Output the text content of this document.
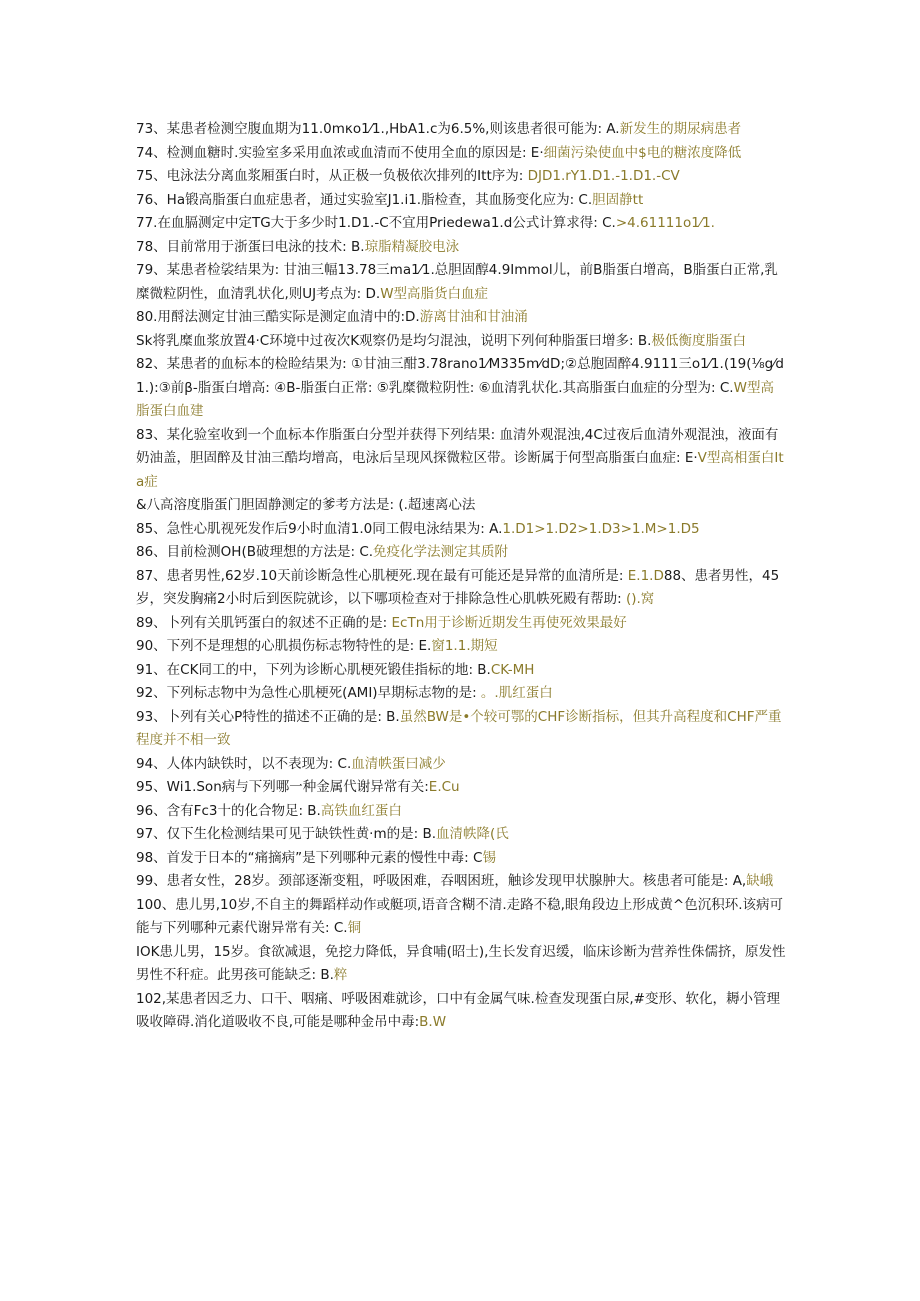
73、某患者检测空腹血期为11.0mκo1⁄1.,HbA1.c为6.5%,则该患者很可能为: A.新发生的期尿病患者

74、检测血糖时.实验室多采用血浓或血清而不使用全血的原因是: E·细菌污染使血中$电的糖浓度降低

75、电泳法分离血浆厢蛋白时，从正极一负极依次排列的Itt序为: DJD1.rY1.D1.-1.D1.-CV

76、Ha锻高脂蛋白血症患者，通过实验室J1.i1.脂检查，其血肠变化应为: C.胆固静tt

77.在血膈测定中定TG大于多少时1.D1.-C不宜用Priedewa1.d公式计算求得: C.>4.61111o1⁄1.

78、目前常用于浙蛋曰电泳的技术: B.琼脂精凝胶电泳

79、某患者检裟结果为: 甘油三幅13.78三ma1⁄1.总胆固醇4.9Immol儿，前B脂蛋白增高，B脂蛋白正常,乳糜微粒阴性，血清乳状化,则UJ考点为: D.W型高脂货白血症

80.用酹法测定甘油三酷实际是测定血清中的:D.游离甘油和甘油涌

Sk将乳糜血浆放置4·C环境中过夜次K观察仍是均匀混浊，说明下列何种脂蛋曰增多: B.极低衡度脂蛋白

82、某患者的血标本的检睑结果为: ①甘油三酣3.78rano1⁄M335m⁄dD;②总胞固醉4.9111三o1⁄1.(19(⅛g⁄d1.):③前β-脂蛋白增高: ④B-脂蛋白正常: ⑤乳糜微粒阴性: ⑥血清乳状化.其高脂蛋白血症的分型为: C.W型高脂蛋白血建

83、某化验室收到一个血标本作脂蛋白分型并获得下列结果: 血清外观混浊,4C过夜后血清外观混浊，液面有奶油盖，胆固醉及甘油三酷均增高，电泳后呈现风探微粒区带。诊断属于何型高脂蛋白血症: E·V型高相蛋白Ita症

&八高溶度脂蛋门胆固静测定的爹考方法是: (.超速离心法

85、急性心肌视死发作后9小时血清1.0同工假电泳结果为: A.1.D1>1.D2>1.D3>1.M>1.D5

86、目前检测OH(B破理想的方法是: C.免疫化学法测定其质附

87、患者男性,62岁.10天前诊断急性心肌梗死.现在最有可能还是异常的血清所是: E.1.D88、患者男性，45岁，突发胸痛2小时后到医院就诊，以下哪项检查对于排除急性心肌帙死殿有帮助: ().窝

89、卜列有关肌钙蛋白的叙述不正确的是: EcTn用于诊断近期发生再使死效果最好

90、下列不是理想的心肌损伤标志物特性的是: E.窗1.1.期短

91、在CK同工的中，下列为诊断心肌梗死锻佳指标的地: B.CK-MH

92、下列标志物中为急性心肌梗死(AMI)早期标志物的是: 。.肌红蛋白

93、卜列有关心P特性的描述不正确的是: B.虽然BW是•个较可鄂的CHF诊断指标，但其升高程度和CHF严重程度并不相一致

94、人体内缺铁时，以不表现为: C.血清帙蛋曰减少

95、Wi1.Son病与下列哪一种金属代谢异常有关:E.Cu

96、含有Fc3十的化合物足: B.高铁血红蛋白

97、仅下生化检测结果可见于缺铁性黄·m的是: B.血清帙降(氏

98、首发于日本的“痛摘病”是下列哪种元素的慢性中毒: C锡

99、患者女性，28岁。颈部逐渐变粗，呼吸困难，吞咽困班，触诊发现甲状腺肿大。核患者可能是: A,缺峨

100、患儿男,10岁,不自主的舞蹈样动作或艇项,语音含糊不清.走路不稳,眼角段边上形成黄^色沉积环.该病可能与下列哪种元素代谢异常有关: C.铜

IOK患儿男，15岁。食欲减退，免挖力降低，异食哺(昭士),生长发育迟缓，临床诊断为营养性侏儒挤，原发性男性不秆症。此男孩可能缺乏: B.粹

102,某患者因乏力、口干、咽痛、呼吸困难就诊，口中有金属气味.检查发现蛋白尿,#变形、软化，耨小管理吸收障碍.消化道吸收不良,可能是哪种金吊中毒:B.W
